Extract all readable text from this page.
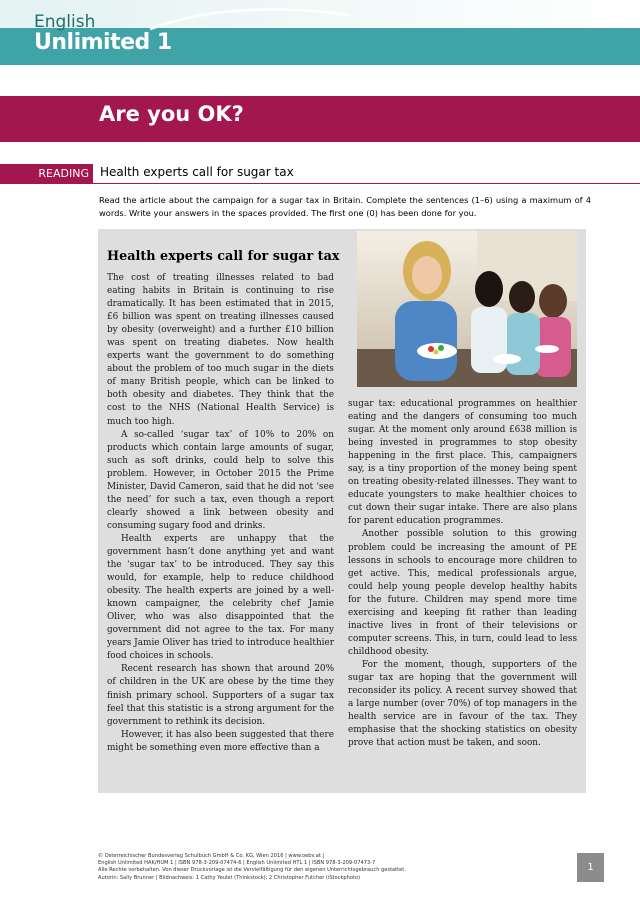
English
Unlimited 1
Are you OK?
READING Health experts call for sugar tax

Read the article about the campaign for a sugar tax in Britain. Complete the sentences (1–6) using a maximum of 4 words. Write your answers in the spaces provided. The first one (0) has been done for you.

Health experts call for sugar tax

The cost of treating illnesses related to bad eating habits in Britain is continuing to rise dramatically. It has been estimated that in 2015, £6 billion was spent on treating illnesses caused by obesity (overweight) and a further £10 billion was spent on treating diabetes. Now health experts want the government to do something about the problem of too much sugar in the diets of many British people, which can be linked to both obesity and diabetes. They think that the cost to the NHS (National Health Service) is much too high.

A so-called ‘sugar tax’ of 10% to 20% on products which contain large amounts of sugar, such as soft drinks, could help to solve this problem. However, in October 2015 the Prime Minister, David Cameron, said that he did not ‘see the need’ for such a tax, even though a report clearly showed a link between obesity and consuming sugary food and drinks.

Health experts are unhappy that the government hasn’t done anything yet and want the ‘sugar tax’ to be introduced. They say this would, for example, help to reduce childhood obesity. The health experts are joined by a well-known campaigner, the celebrity chef Jamie Oliver, who was also disappointed that the government did not agree to the tax. For many years Jamie Oliver has tried to introduce healthier food choices in schools.

Recent research has shown that around 20% of children in the UK are obese by the time they finish primary school. Supporters of a sugar tax feel that this statistic is a strong argument for the government to rethink its decision.

However, it has also been suggested that there might be something even more effective than a

sugar tax: educational programmes on healthier eating and the dangers of consuming too much sugar. At the moment only around £638 million is being invested in programmes to stop obesity happening in the first place. This, campaigners say, is a tiny proportion of the money being spent on treating obesity-related illnesses. They want to educate youngsters to make healthier choices to cut down their sugar intake. There are also plans for parent education programmes.

Another possible solution to this growing problem could be increasing the amount of PE lessons in schools to encourage more children to get active. This, medical professionals argue, could help young people develop healthy habits for the future. Children may spend more time exercising and keeping fit rather than leading inactive lives in front of their televisions or computer screens. This, in turn, could lead to less childhood obesity.

For the moment, though, supporters of the sugar tax are hoping that the government will reconsider its policy. A recent survey showed that a large number (over 70%) of top managers in the health service are in favour of the tax. They emphasise that the shocking statistics on obesity prove that action must be taken, and soon.

© Österreichischer Bundesverlag Schulbuch GmbH & Co. KG, Wien 2016 | www.oebv.at |
English Unlimited HAK/HUM 1 | ISBN 978-3-209-07474-6 | English Unlimited HTL 1 | ISBN 978-3-209-07473-7
Alle Rechte vorbehalten. Von dieser Druckvorlage ist die Vervielfältigung für den eigenen Unterrichtsgebrauch gestattet.
Autorin: Sally Brunner | Bildnachweis: 1 Cathy Yeulet (Thinkstock); 2 Christopher Futcher (iStockphoto)
1
